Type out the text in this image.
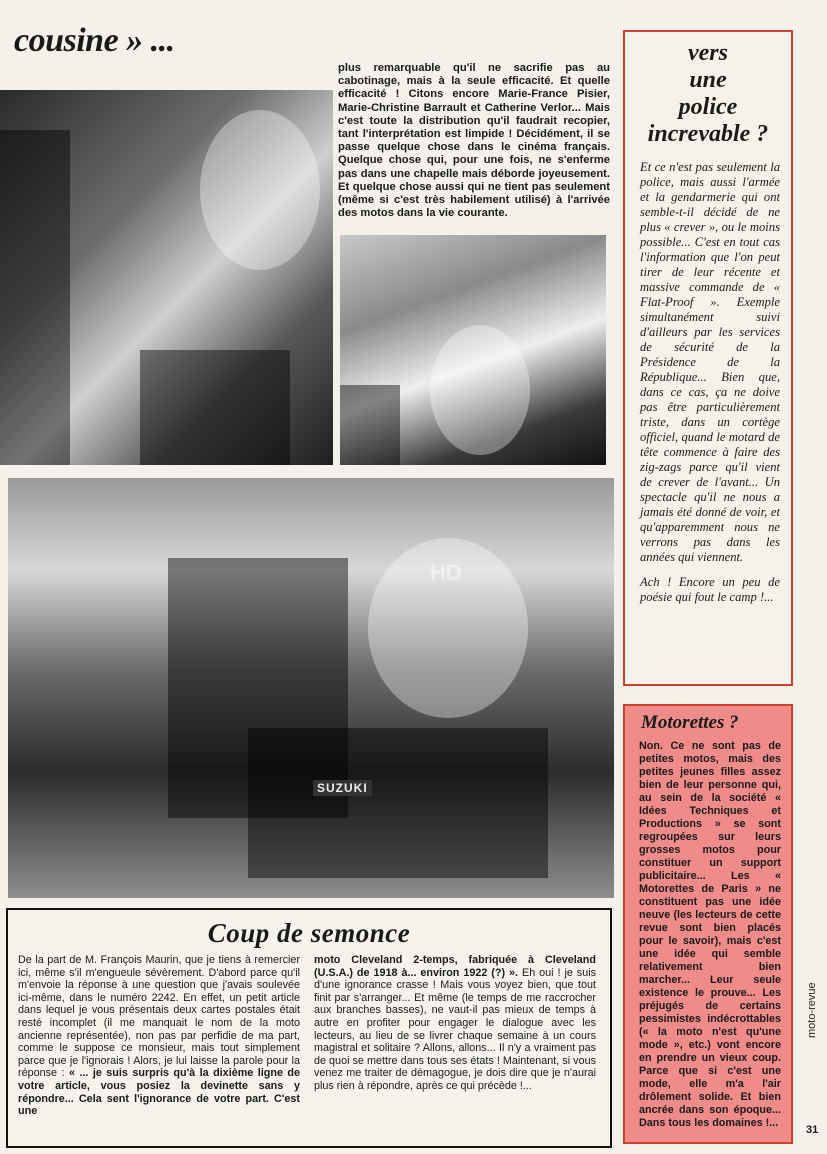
cousine » ...
plus remarquable qu'il ne sacrifie pas au cabotinage, mais à la seule efficacité. Et quelle efficacité ! Citons encore Marie-France Pisier, Marie-Christine Barrault et Catherine Verlor... Mais c'est toute la distribution qu'il faudrait recopier, tant l'interprétation est limpide ! Décidément, il se passe quelque chose dans le cinéma français. Quelque chose qui, pour une fois, ne s'enferme pas dans une chapelle mais déborde joyeusement. Et quelque chose aussi qui ne tient pas seulement (même si c'est très habilement utilisé) à l'arrivée des motos dans la vie courante.
SUZUKI
HD
vers
une
police
increvable ?

Et ce n'est pas seulement la police, mais aussi l'armée et la gendarmerie qui ont semble-t-il décidé de ne plus « crever », ou le moins possible... C'est en tout cas l'information que l'on peut tirer de leur récente et massive commande de « Flat-Proof ». Exemple simultanément suivi d'ailleurs par les services de sécurité de la Présidence de la République... Bien que, dans ce cas, ça ne doive pas être particulièrement triste, dans un cortège officiel, quand le motard de tête commence à faire des zig-zags parce qu'il vient de crever de l'avant... Un spectacle qu'il ne nous a jamais été donné de voir, et qu'apparemment nous ne verrons pas dans les années qui viennent.

Ach ! Encore un peu de poésie qui fout le camp !...

Motorettes ?
Non. Ce ne sont pas de petites motos, mais des petites jeunes filles assez bien de leur personne qui, au sein de la société « Idées Techniques et Productions » se sont regroupées sur leurs grosses motos pour constituer un support publicitaire... Les « Motorettes de Paris » ne constituent pas une idée neuve (les lecteurs de cette revue sont bien placés pour le savoir), mais c'est une idée qui semble relativement bien marcher... Leur seule existence le prouve... Les préjugés de certains pessimistes indécrottables (« la moto n'est qu'une mode », etc.) vont encore en prendre un vieux coup. Parce que si c'est une mode, elle m'a l'air drôlement solide. Et bien ancrée dans son époque... Dans tous les domaines !...
Coup de semonce
De la part de M. François Maurin, que je tiens à remercier ici, même s'il m'engueule sévèrement. D'abord parce qu'il m'envoie la réponse à une question que j'avais soulevée ici-même, dans le numéro 2242. En effet, un petit article dans lequel je vous présentais deux cartes postales était resté incomplet (il me manquait le nom de la moto ancienne représentée), non pas par perfidie de ma part, comme le suppose ce monsieur, mais tout simplement parce que je l'ignorais ! Alors, je lui laisse la parole pour la réponse : « ... je suis surpris qu'à la dixième ligne de votre article, vous posiez la devinette sans y répondre... Cela sent l'ignorance de votre part. C'est une
moto Cleveland 2-temps, fabriquée à Cleveland (U.S.A.) de 1918 à... environ 1922 (?) ». Eh oui ! je suis d'une ignorance crasse ! Mais vous voyez bien, que tout finit par s'arranger... Et même (le temps de me raccrocher aux branches basses), ne vaut-il pas mieux de temps à autre en profiter pour engager le dialogue avec les lecteurs, au lieu de se livrer chaque semaine à un cours magistral et solitaire ? Allons, allons... Il n'y a vraiment pas de quoi se mettre dans tous ses états ! Maintenant, si vous venez me traiter de démagogue, je dois dire que je n'aurai plus rien à répondre, après ce qui précède !...
moto-revue
31
